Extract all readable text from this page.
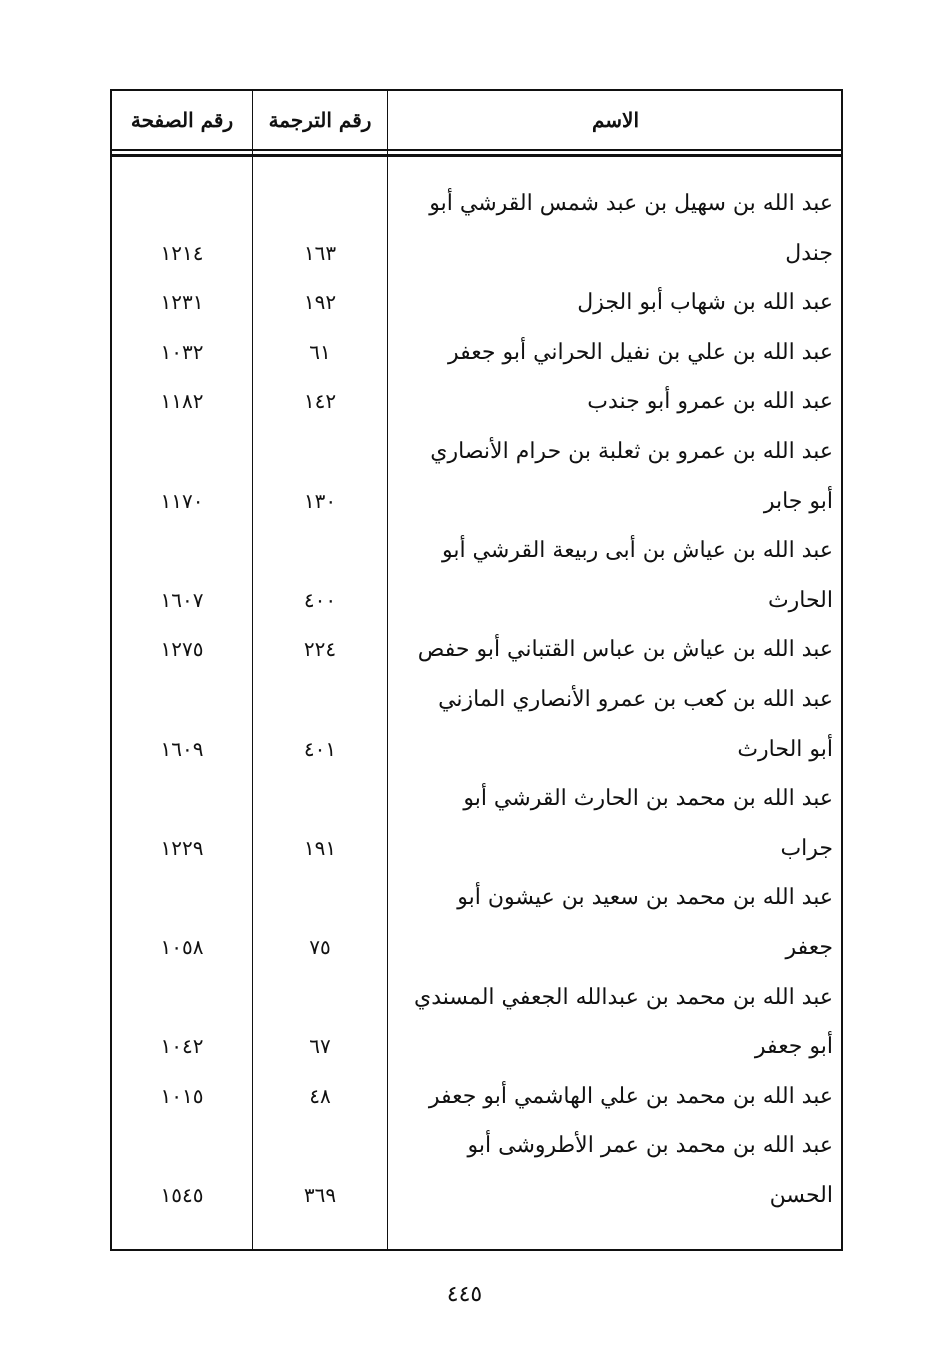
رقم الصفحة	رقم الترجمة	الاسم
عبد الله بن سهيل بن عبد شمس القرشي أبو
جندل
١٦٣
١٢١٤
عبد الله بن شهاب أبو الجزل
١٩٢
١٢٣١
عبد الله بن علي بن نفيل الحراني أبو جعفر
٦١
١٠٣٢
عبد الله بن عمرو أبو جندب
١٤٢
١١٨٢
عبد الله بن عمرو بن ثعلبة بن حرام الأنصاري
أبو جابر
١٣٠
١١٧٠
عبد الله بن عياش بن أبى ربيعة القرشي أبو
الحارث
٤٠٠
١٦٠٧
عبد الله بن عياش بن عباس القتباني أبو حفص
٢٢٤
١٢٧٥
عبد الله بن كعب بن عمرو الأنصاري المازني
أبو الحارث
٤٠١
١٦٠٩
عبد الله بن محمد بن الحارث القرشي أبو
جراب
١٩١
١٢٢٩
عبد الله بن محمد بن سعيد بن عيشون أبو
جعفر
٧٥
١٠٥٨
عبد الله بن محمد بن عبدالله الجعفي المسندي
أبو جعفر
٦٧
١٠٤٢
عبد الله بن محمد بن علي الهاشمي أبو جعفر
٤٨
١٠١٥
عبد الله بن محمد بن عمر الأطروشى أبو
الحسن
٣٦٩
١٥٤٥
٤٤٥
